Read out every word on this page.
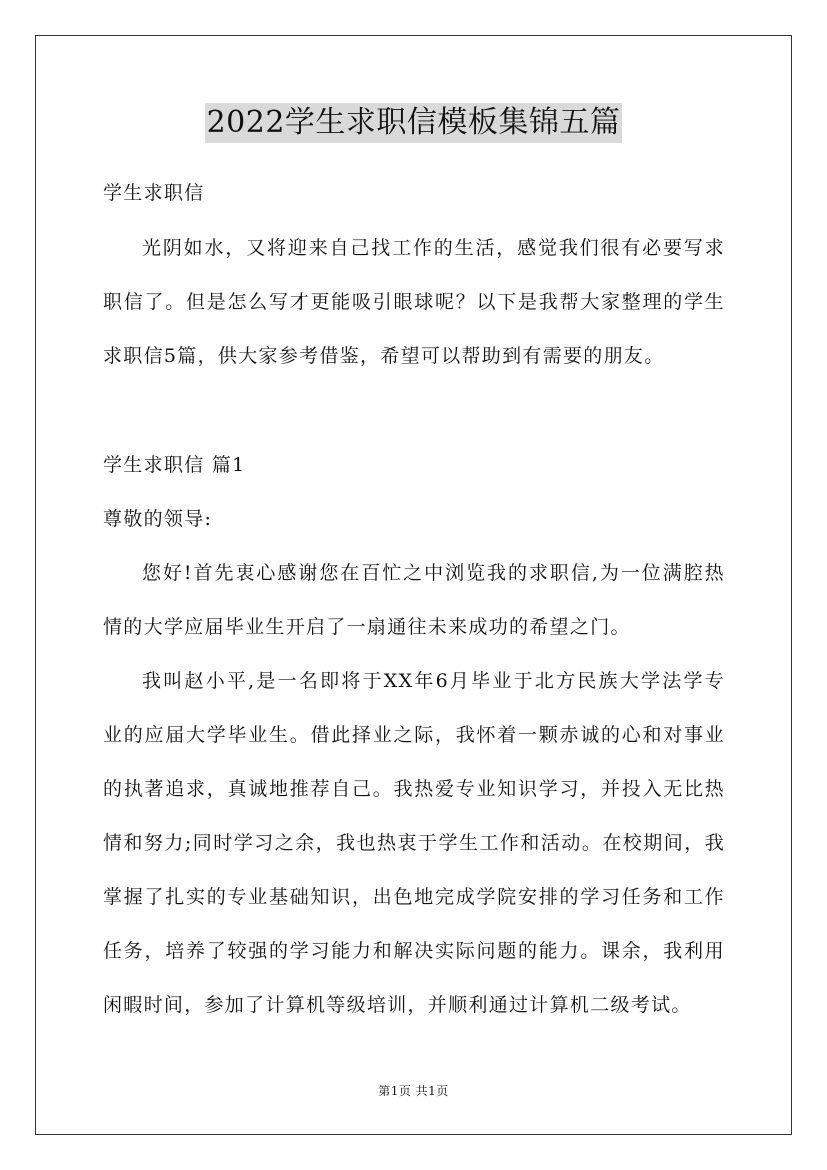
2022学生求职信模板集锦五篇
学生求职信
光阴如水，又将迎来自己找工作的生活，感觉我们很有必要写求
职信了。但是怎么写才更能吸引眼球呢？以下是我帮大家整理的学生
求职信5篇，供大家参考借鉴，希望可以帮助到有需要的朋友。
学生求职信 篇1
尊敬的领导:
您好!首先衷心感谢您在百忙之中浏览我的求职信,为一位满腔热
情的大学应届毕业生开启了一扇通往未来成功的希望之门。
我叫赵小平,是一名即将于XX年6月毕业于北方民族大学法学专
业的应届大学毕业生。借此择业之际，我怀着一颗赤诚的心和对事业
的执著追求，真诚地推荐自己。我热爱专业知识学习，并投入无比热
情和努力;同时学习之余，我也热衷于学生工作和活动。在校期间，我
掌握了扎实的专业基础知识，出色地完成学院安排的学习任务和工作
任务，培养了较强的学习能力和解决实际问题的能力。课余，我利用
闲暇时间，参加了计算机等级培训，并顺利通过计算机二级考试。
第1页 共1页
